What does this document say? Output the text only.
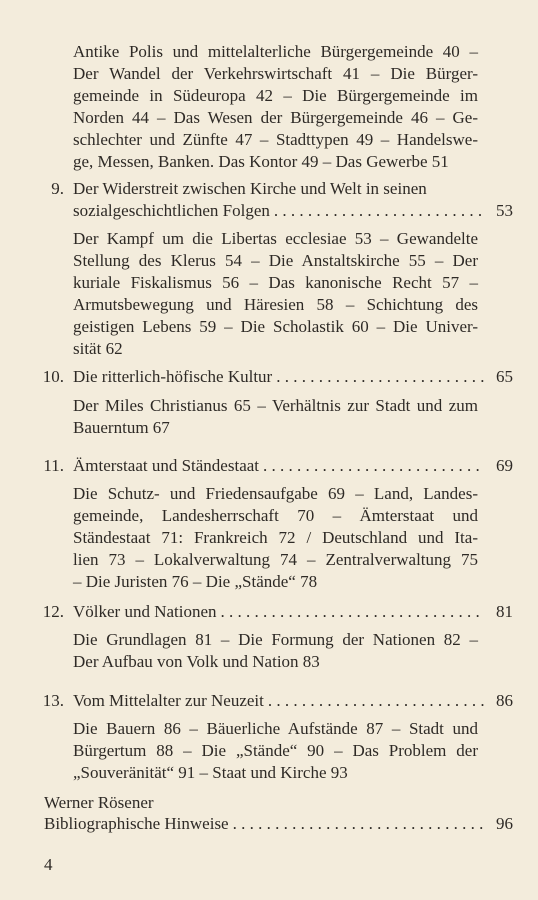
Antike Polis und mittelalterliche Bürgergemeinde 40 –
Der Wandel der Verkehrswirtschaft 41 – Die Bürger-
gemeinde in Südeuropa 42 – Die Bürgergemeinde im
Norden 44 – Das Wesen der Bürgergemeinde 46 – Ge-
schlechter und Zünfte 47 – Stadttypen 49 – Handelswe-
ge, Messen, Banken. Das Kontor 49 – Das Gewerbe 51
9. Der Widerstreit zwischen Kirche und Welt in seinen
sozialgeschichtlichen Folgen . . .	53
Der Kampf um die Libertas ecclesiae 53 – Gewandelte
Stellung des Klerus 54 – Die Anstaltskirche 55 – Der
kuriale Fiskalismus 56 – Das kanonische Recht 57 –
Armutsbewegung und Häresien 58 – Schichtung des
geistigen Lebens 59 – Die Scholastik 60 – Die Univer-
sität 62
10. Die ritterlich-höfische Kultur . . .	65
Der Miles Christianus 65 – Verhältnis zur Stadt und zum
Bauerntum 67
11. Ämterstaat und Ständestaat . . .	69
Die Schutz- und Friedensaufgabe 69 – Land, Landes-
gemeinde, Landesherrschaft 70 – Ämterstaat und
Ständestaat 71: Frankreich 72 / Deutschland und Ita-
lien 73 – Lokalverwaltung 74 – Zentralverwaltung 75
– Die Juristen 76 – Die „Stände“ 78
12. Völker und Nationen . . .	81
Die Grundlagen 81 – Die Formung der Nationen 82 –
Der Aufbau von Volk und Nation 83
13. Vom Mittelalter zur Neuzeit . . .	86
Die Bauern 86 – Bäuerliche Aufstände 87 – Stadt und
Bürgertum 88 – Die „Stände“ 90 – Das Problem der
„Souveränität“ 91 – Staat und Kirche 93
Werner Rösener
Bibliographische Hinweise . . .	96
4
